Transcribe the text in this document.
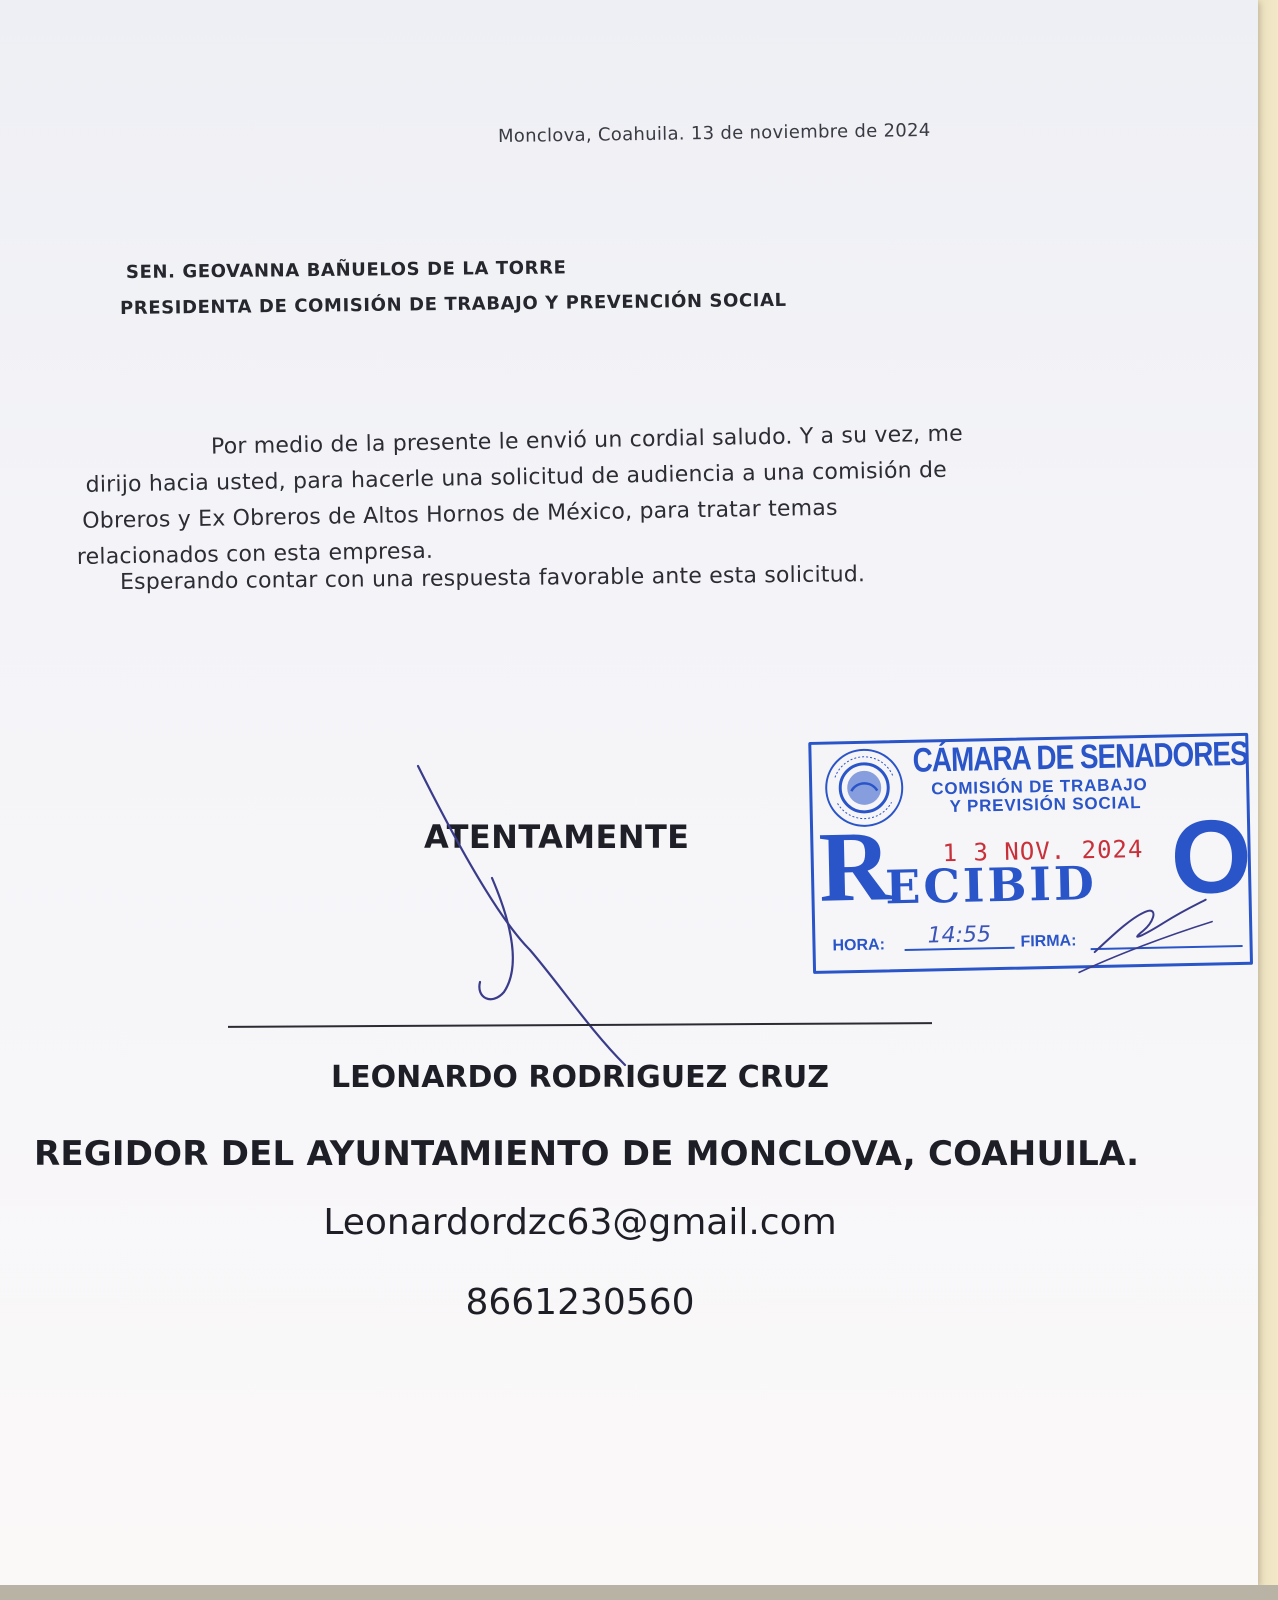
Monclova, Coahuila. 13 de noviembre de 2024
SEN. GEOVANNA BAÑUELOS DE LA TORRE
PRESIDENTA DE COMISIÓN DE TRABAJO Y PREVENCIÓN SOCIAL
Por medio de la presente le envió un cordial saludo. Y a su vez, me
dirijo hacia usted, para hacerle una solicitud de audiencia a una comisión de
Obreros y Ex Obreros de Altos Hornos de México, para tratar temas
relacionados con esta empresa.
Esperando contar con una respuesta favorable ante esta solicitud.
ATENTAMENTE
LEONARDO RODRIGUEZ CRUZ
REGIDOR DEL AYUNTAMIENTO DE MONCLOVA, COAHUILA.
Leonardordzc63@gmail.com
8661230560
CÁMARA DE SENADORES
COMISIÓN DE TRABAJO
Y PREVISIÓN SOCIAL
1 3 NOV. 2024
R
ECIBID O
HORA:	14:55	FIRMA:
